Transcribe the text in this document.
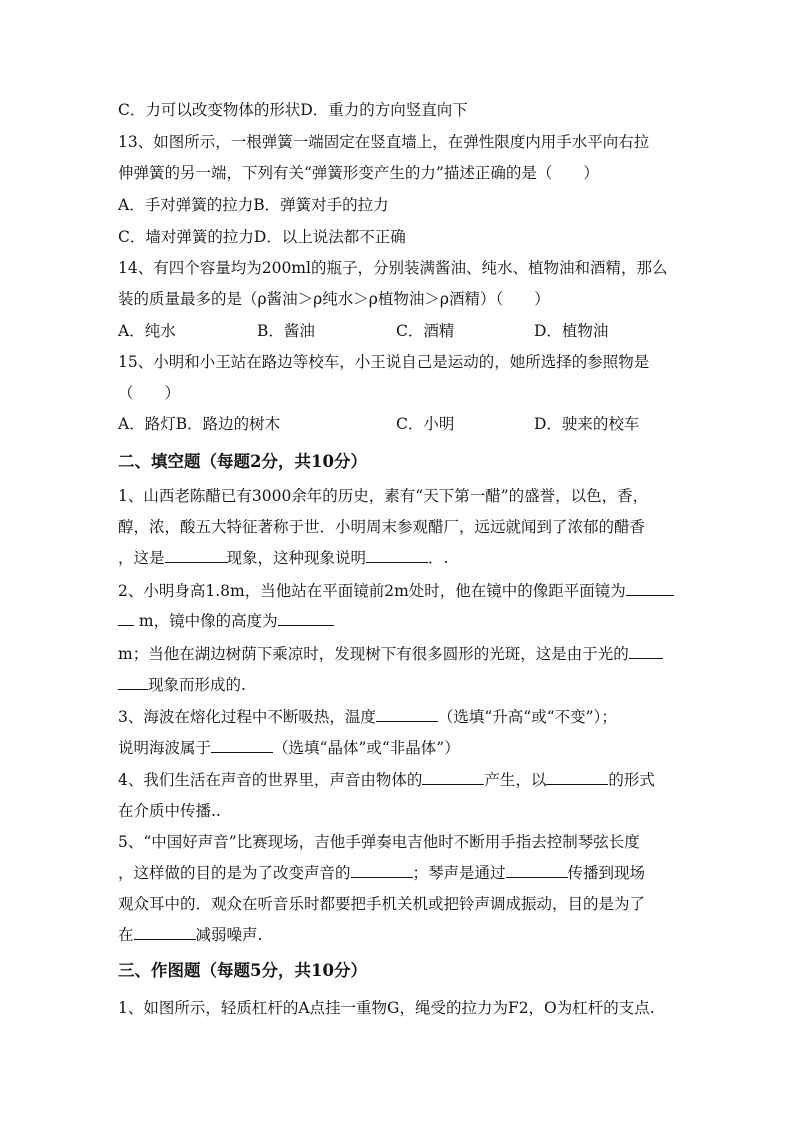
C．力可以改变物体的形状D．重力的方向竖直向下
13、如图所示，一根弹簧一端固定在竖直墙上，在弹性限度内用手水平向右拉
伸弹簧的另一端，下列有关“弹簧形变产生的力”描述正确的是（　　）
A．手对弹簧的拉力B．弹簧对手的拉力
C．墙对弹簧的拉力D．以上说法都不正确
14、有四个容量均为200ml的瓶子，分别装满酱油、纯水、植物油和酒精，那么
装的质量最多的是（ρ酱油＞ρ纯水＞ρ植物油＞ρ酒精）（　　）
A．纯水	B．酱油	C．酒精	D．植物油
15、小明和小王站在路边等校车，小王说自己是运动的，她所选择的参照物是
（　　）
A．路灯B．路边的树木	C．小明	D．驶来的校车
二、填空题（每题2分，共10分）
1、山西老陈醋已有3000余年的历史，素有“天下第一醋”的盛誉，以色，香，
醇，浓，酸五大特征著称于世．小明周末参观醋厂，远远就闻到了浓郁的醋香
，这是	现象，这种现象说明	．.
2、小明身高1.8m，当他站在平面镜前2m处时，他在镜中的像距平面镜为
m，镜中像的高度为
m；当他在湖边树荫下乘凉时，发现树下有很多圆形的光斑，这是由于光的
现象而形成的.
3、海波在熔化过程中不断吸热，温度	（选填“升高“或“不变”）；
说明海波属于	（选填“晶体”或“非晶体”）
4、我们生活在声音的世界里，声音由物体的	产生，以	的形式
在介质中传播..
5、“中国好声音”比赛现场，吉他手弹奏电吉他时不断用手指去控制琴弦长度
，这样做的目的是为了改变声音的	；琴声是通过	传播到现场
观众耳中的．观众在听音乐时都要把手机关机或把铃声调成振动，目的是为了
在	减弱噪声.
三、作图题（每题5分，共10分）
1、如图所示，轻质杠杆的A点挂一重物G，绳受的拉力为F2，O为杠杆的支点.
